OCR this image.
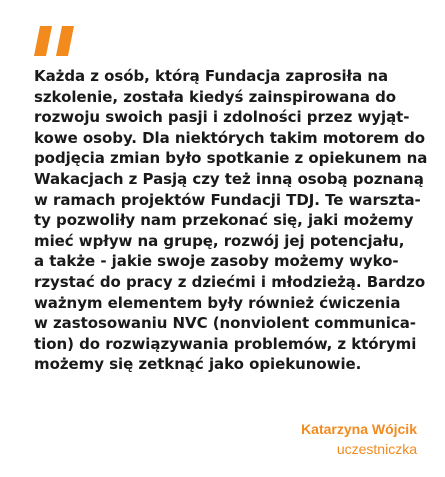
Każda z osób, którą Fundacja zaprosiła na
szkolenie, została kiedyś zainspirowana do
rozwoju swoich pasji i zdolności przez wyjąt-
kowe osoby. Dla niektórych takim motorem do
podjęcia zmian było spotkanie z opiekunem na
Wakacjach z Pasją czy też inną osobą poznaną
w ramach projektów Fundacji TDJ. Te warszta-
ty pozwoliły nam przekonać się, jaki możemy
mieć wpływ na grupę, rozwój jej potencjału,
a także - jakie swoje zasoby możemy wyko-
rzystać do pracy z dziećmi i młodzieżą. Bardzo
ważnym elementem były również ćwiczenia
w zastosowaniu NVC (nonviolent communica-
tion) do rozwiązywania problemów, z którymi
możemy się zetknąć jako opiekunowie.

Katarzyna Wójcik
uczestniczka
